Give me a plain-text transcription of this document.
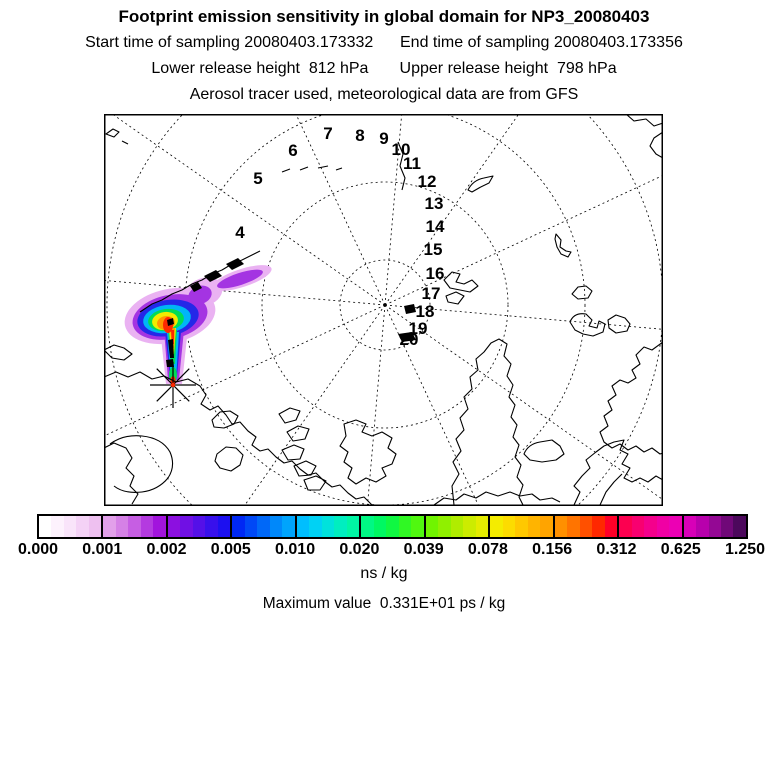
Footprint emission sensitivity in global domain for NP3_20080403
Start time of sampling 20080403.173332      End time of sampling 20080403.173356
Lower release height  812 hPa       Upper release height  798 hPa
Aerosol tracer used, meteorological data are from GFS
4
5
6
7 8 9
10
11
12
13
14
15
16
17
18
19
20
0.000 0.001 0.002 0.005 0.010 0.020 0.039 0.078 0.156 0.312 0.625 1.250
ns / kg
Maximum value  0.331E+01 ps / kg
